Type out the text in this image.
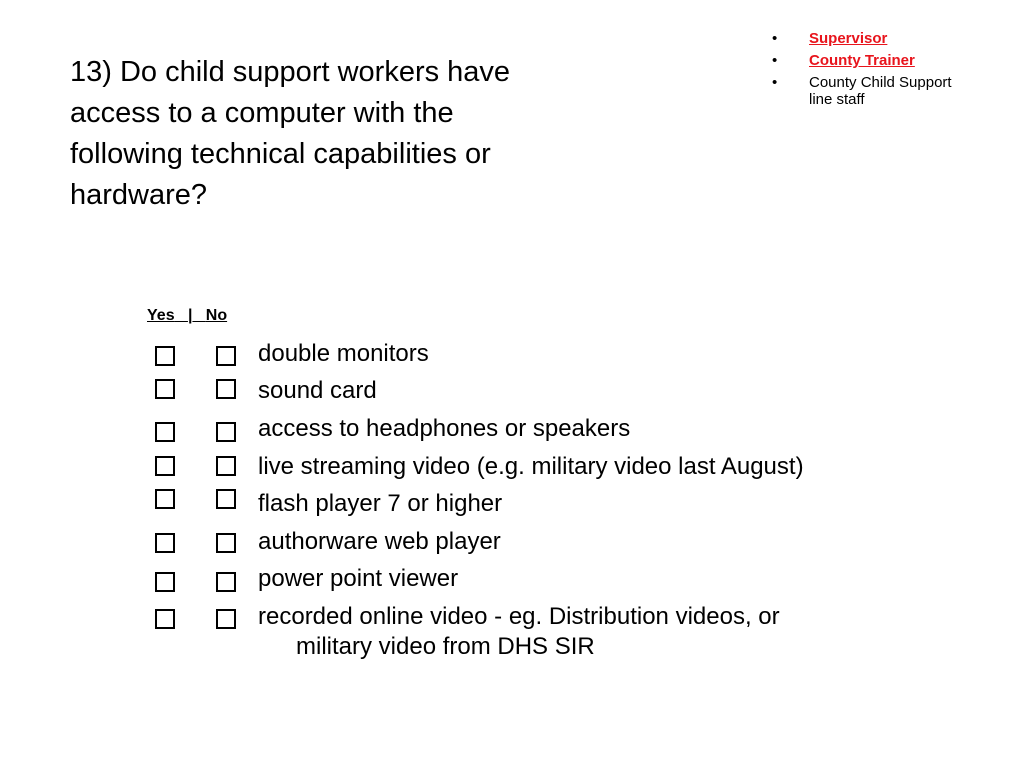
13) Do child support workers have
access to a computer with the
following technical capabilities or
hardware?
• Supervisor
• County Trainer
• County Child Support line staff
Yes | No
double monitors
sound card
access to headphones or speakers
live streaming video (e.g. military video last August)
flash player 7 or higher
authorware web player
power point viewer
recorded online video - eg. Distribution videos, or
military video from DHS SIR
